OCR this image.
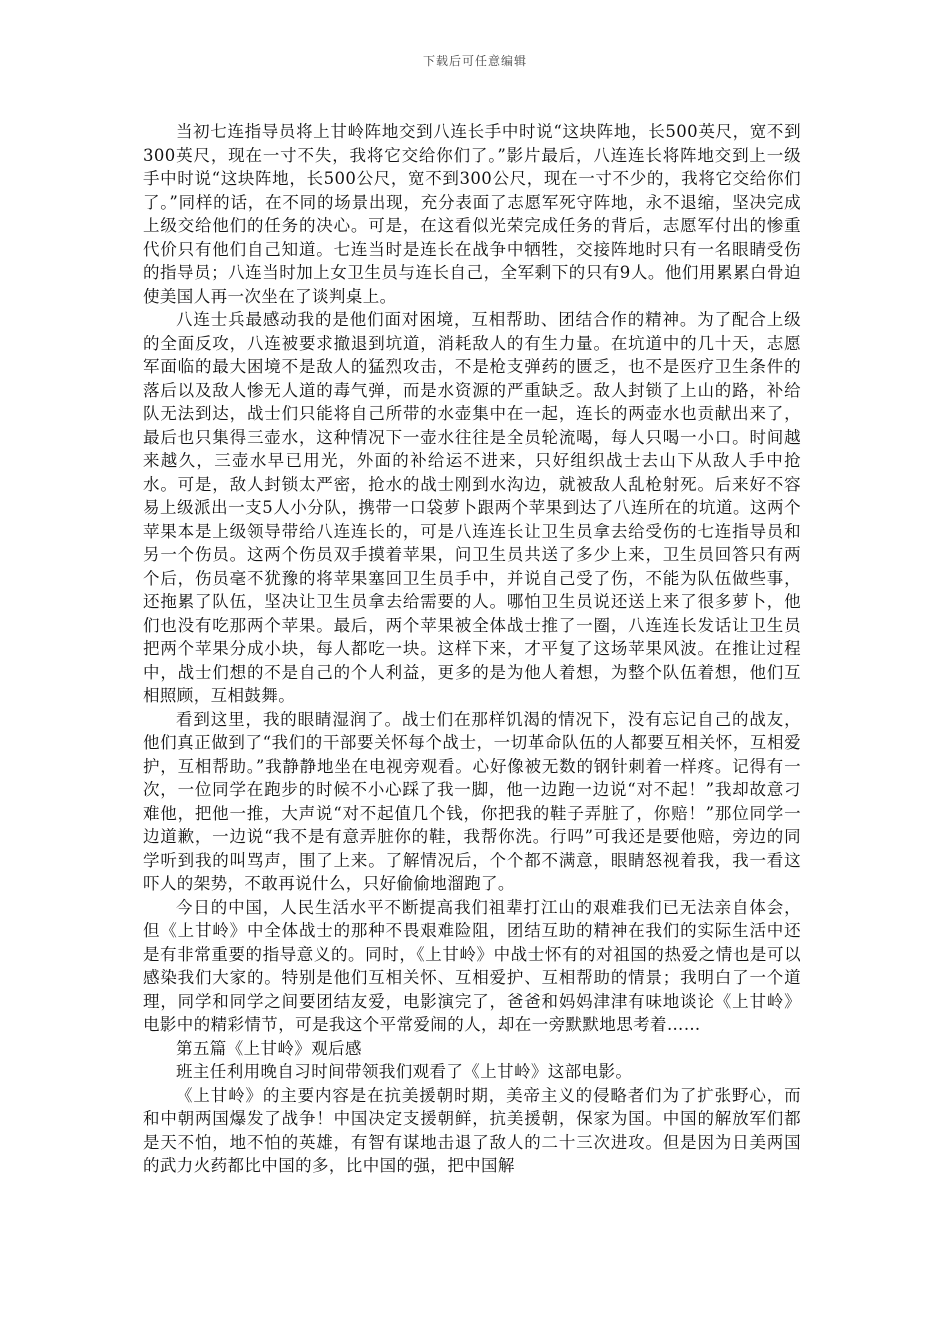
下载后可任意编辑

当初七连指导员将上甘岭阵地交到八连长手中时说“这块阵地，长500英尺，宽不到300英尺，现在一寸不失，我将它交给你们了。”影片最后，八连连长将阵地交到上一级手中时说“这块阵地，长500公尺，宽不到300公尺，现在一寸不少的，我将它交给你们了。”同样的话，在不同的场景出现，充分表面了志愿军死守阵地，永不退缩，坚决完成上级交给他们的任务的决心。可是，在这看似光荣完成任务的背后，志愿军付出的惨重代价只有他们自己知道。七连当时是连长在战争中牺牲，交接阵地时只有一名眼睛受伤的指导员；八连当时加上女卫生员与连长自己，全军剩下的只有9人。他们用累累白骨迫使美国人再一次坐在了谈判桌上。

八连士兵最感动我的是他们面对困境，互相帮助、团结合作的精神。为了配合上级的全面反攻，八连被要求撤退到坑道，消耗敌人的有生力量。在坑道中的几十天，志愿军面临的最大困境不是敌人的猛烈攻击，不是枪支弹药的匮乏，也不是医疗卫生条件的落后以及敌人惨无人道的毒气弹，而是水资源的严重缺乏。敌人封锁了上山的路，补给队无法到达，战士们只能将自己所带的水壶集中在一起，连长的两壶水也贡献出来了，最后也只集得三壶水，这种情况下一壶水往往是全员轮流喝，每人只喝一小口。时间越来越久，三壶水早已用光，外面的补给运不进来，只好组织战士去山下从敌人手中抢水。可是，敌人封锁太严密，抢水的战士刚到水沟边，就被敌人乱枪射死。后来好不容易上级派出一支5人小分队，携带一口袋萝卜跟两个苹果到达了八连所在的坑道。这两个苹果本是上级领导带给八连连长的，可是八连连长让卫生员拿去给受伤的七连指导员和另一个伤员。这两个伤员双手摸着苹果，问卫生员共送了多少上来，卫生员回答只有两个后，伤员毫不犹豫的将苹果塞回卫生员手中，并说自己受了伤，不能为队伍做些事，还拖累了队伍，坚决让卫生员拿去给需要的人。哪怕卫生员说还送上来了很多萝卜，他们也没有吃那两个苹果。最后，两个苹果被全体战士推了一圈，八连连长发话让卫生员把两个苹果分成小块，每人都吃一块。这样下来，才平复了这场苹果风波。在推让过程中，战士们想的不是自己的个人利益，更多的是为他人着想，为整个队伍着想，他们互相照顾，互相鼓舞。

看到这里，我的眼睛湿润了。战士们在那样饥渴的情况下，没有忘记自己的战友，他们真正做到了“我们的干部要关怀每个战士，一切革命队伍的人都要互相关怀，互相爱护，互相帮助。”我静静地坐在电视旁观看。心好像被无数的钢针刺着一样疼。记得有一次，一位同学在跑步的时候不小心踩了我一脚，他一边跑一边说“对不起！”我却故意刁难他，把他一推，大声说“对不起值几个钱，你把我的鞋子弄脏了，你赔！”那位同学一边道歉，一边说“我不是有意弄脏你的鞋，我帮你洗。行吗”可我还是要他赔，旁边的同学听到我的叫骂声，围了上来。了解情况后，个个都不满意，眼睛怒视着我，我一看这吓人的架势，不敢再说什么，只好偷偷地溜跑了。

今日的中国，人民生活水平不断提高我们祖辈打江山的艰难我们已无法亲自体会，但《上甘岭》中全体战士的那种不畏艰难险阻，团结互助的精神在我们的实际生活中还是有非常重要的指导意义的。同时，《上甘岭》中战士怀有的对祖国的热爱之情也是可以感染我们大家的。特别是他们互相关怀、互相爱护、互相帮助的情景；我明白了一个道理，同学和同学之间要团结友爱，电影演完了，爸爸和妈妈津津有味地谈论《上甘岭》电影中的精彩情节，可是我这个平常爱闹的人，却在一旁默默地思考着……

第五篇《上甘岭》观后感

班主任利用晚自习时间带领我们观看了《上甘岭》这部电影。

《上甘岭》的主要内容是在抗美援朝时期，美帝主义的侵略者们为了扩张野心，而和中朝两国爆发了战争！中国决定支援朝鲜，抗美援朝，保家为国。中国的解放军们都是天不怕，地不怕的英雄，有智有谋地击退了敌人的二十三次进攻。但是因为日美两国的武力火药都比中国的多，比中国的强，把中国解
